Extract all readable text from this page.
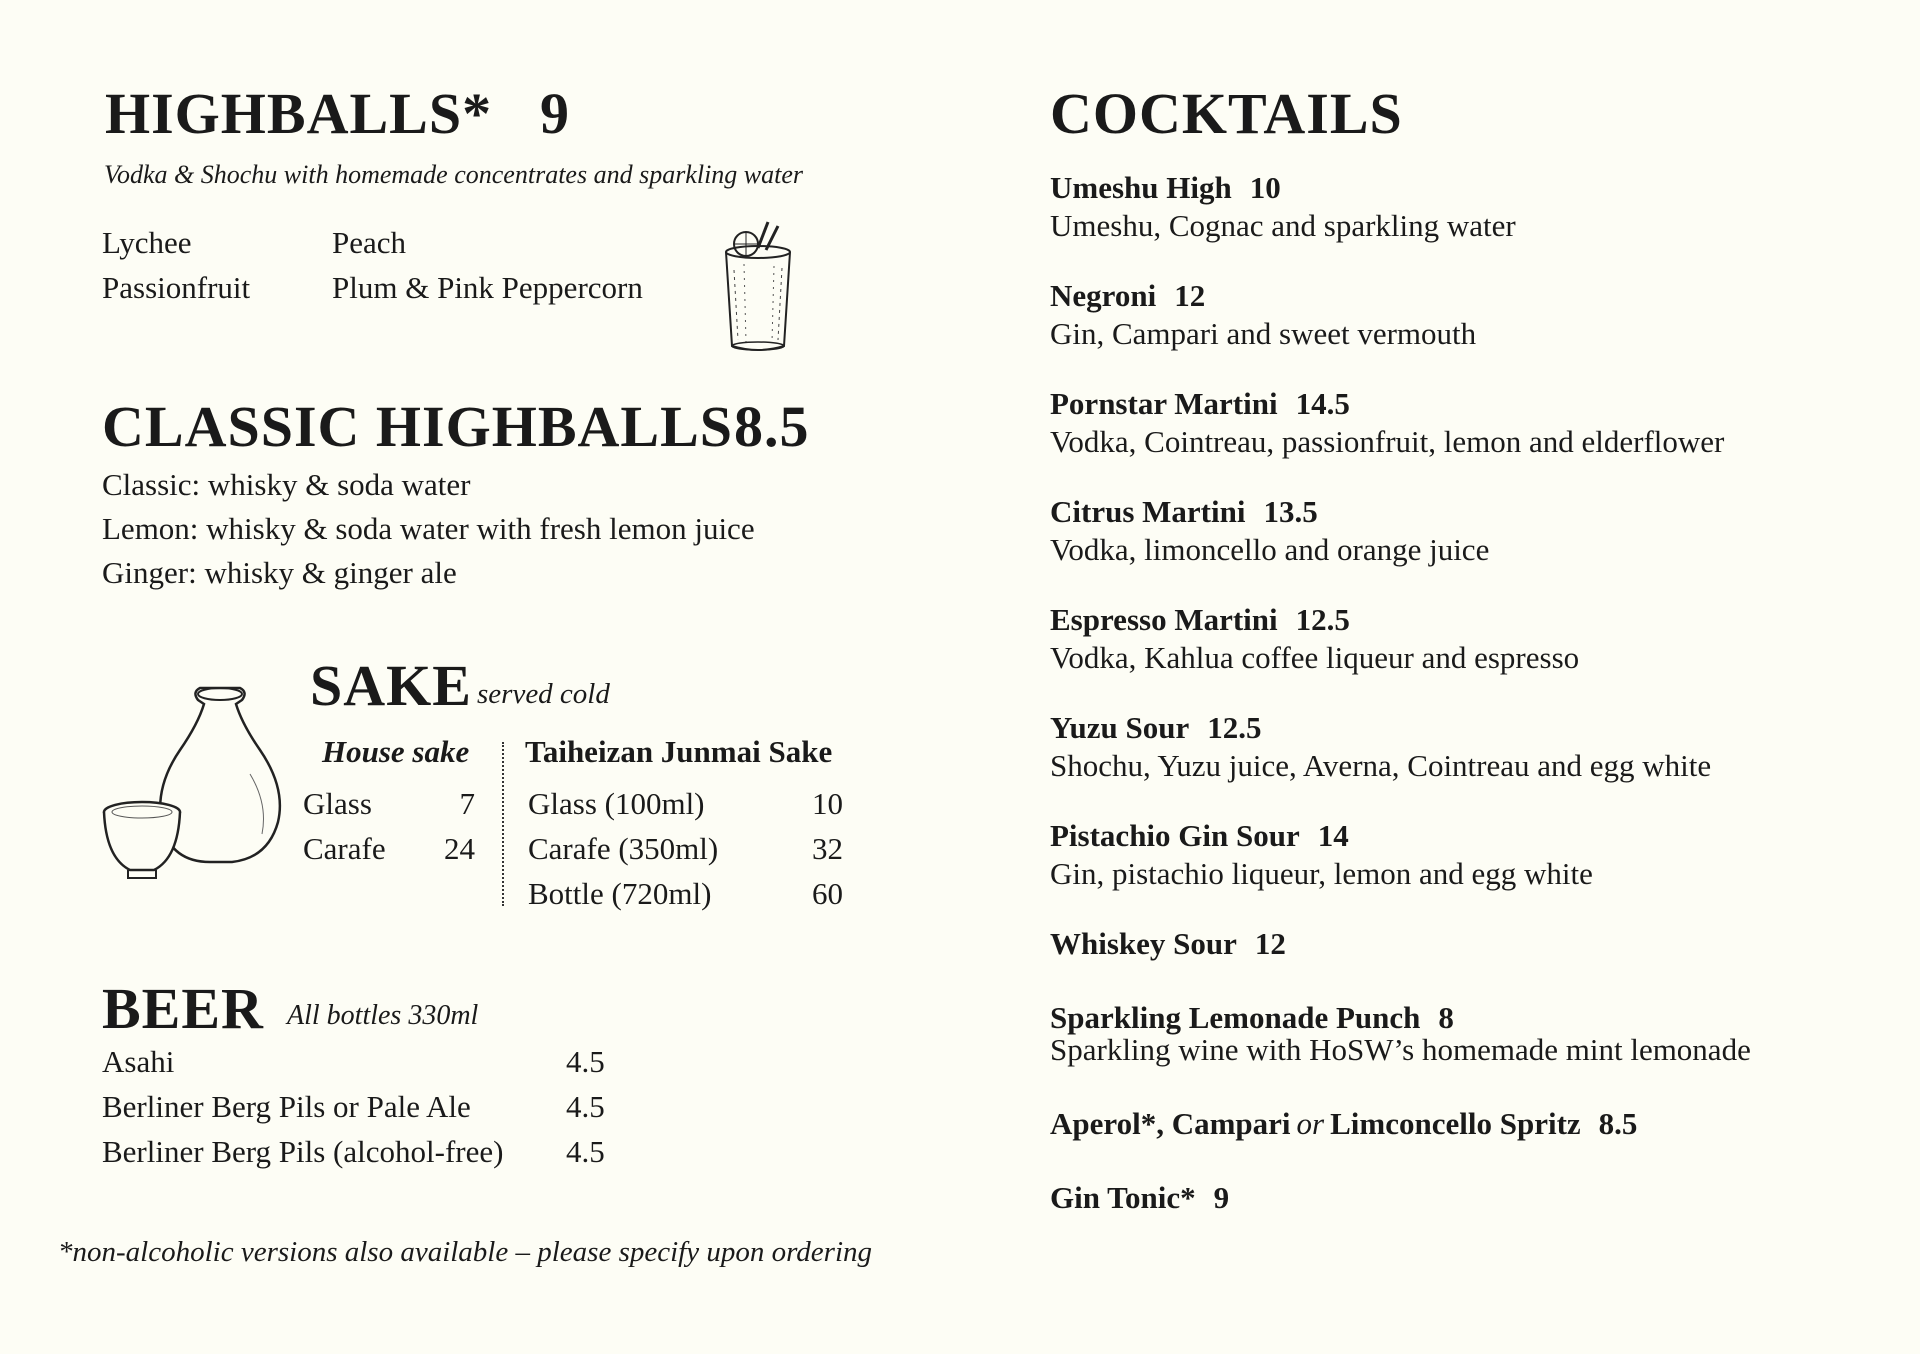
HIGHBALLS* 9
Vodka & Shochu with homemade concentrates and sparkling water
Lychee	Peach
Passionfruit	Plum & Pink Peppercorn
CLASSIC HIGHBALLS 8.5
Classic: whisky & soda water
Lemon: whisky & soda water with fresh lemon juice
Ginger: whisky & ginger ale
SAKE served cold
House sake Taiheizan Junmai Sake
Glass	7
Carafe 24
Glass (100ml)	10
Carafe (350ml)	32
Bottle (720ml)	60
BEER All bottles 330ml
Asahi	4.5
Berliner Berg Pils or Pale Ale	4.5
Berliner Berg Pils (alcohol-free) 4.5
*non-alcoholic versions also available – please specify upon ordering
COCKTAILS
Umeshu High 10
Umeshu, Cognac and sparkling water
Negroni 12
Gin, Campari and sweet vermouth
Pornstar Martini 14.5
Vodka, Cointreau, passionfruit, lemon and elderflower
Citrus Martini 13.5
Vodka, limoncello and orange juice
Espresso Martini 12.5
Vodka, Kahlua coffee liqueur and espresso
Yuzu Sour 12.5
Shochu, Yuzu juice, Averna, Cointreau and egg white
Pistachio Gin Sour 14
Gin, pistachio liqueur, lemon and egg white
Whiskey Sour 12
Sparkling Lemonade Punch 8
Sparkling wine with HoSW’s homemade mint lemonade
Aperol*, Campari or Limconcello Spritz 8.5
Gin Tonic* 9
